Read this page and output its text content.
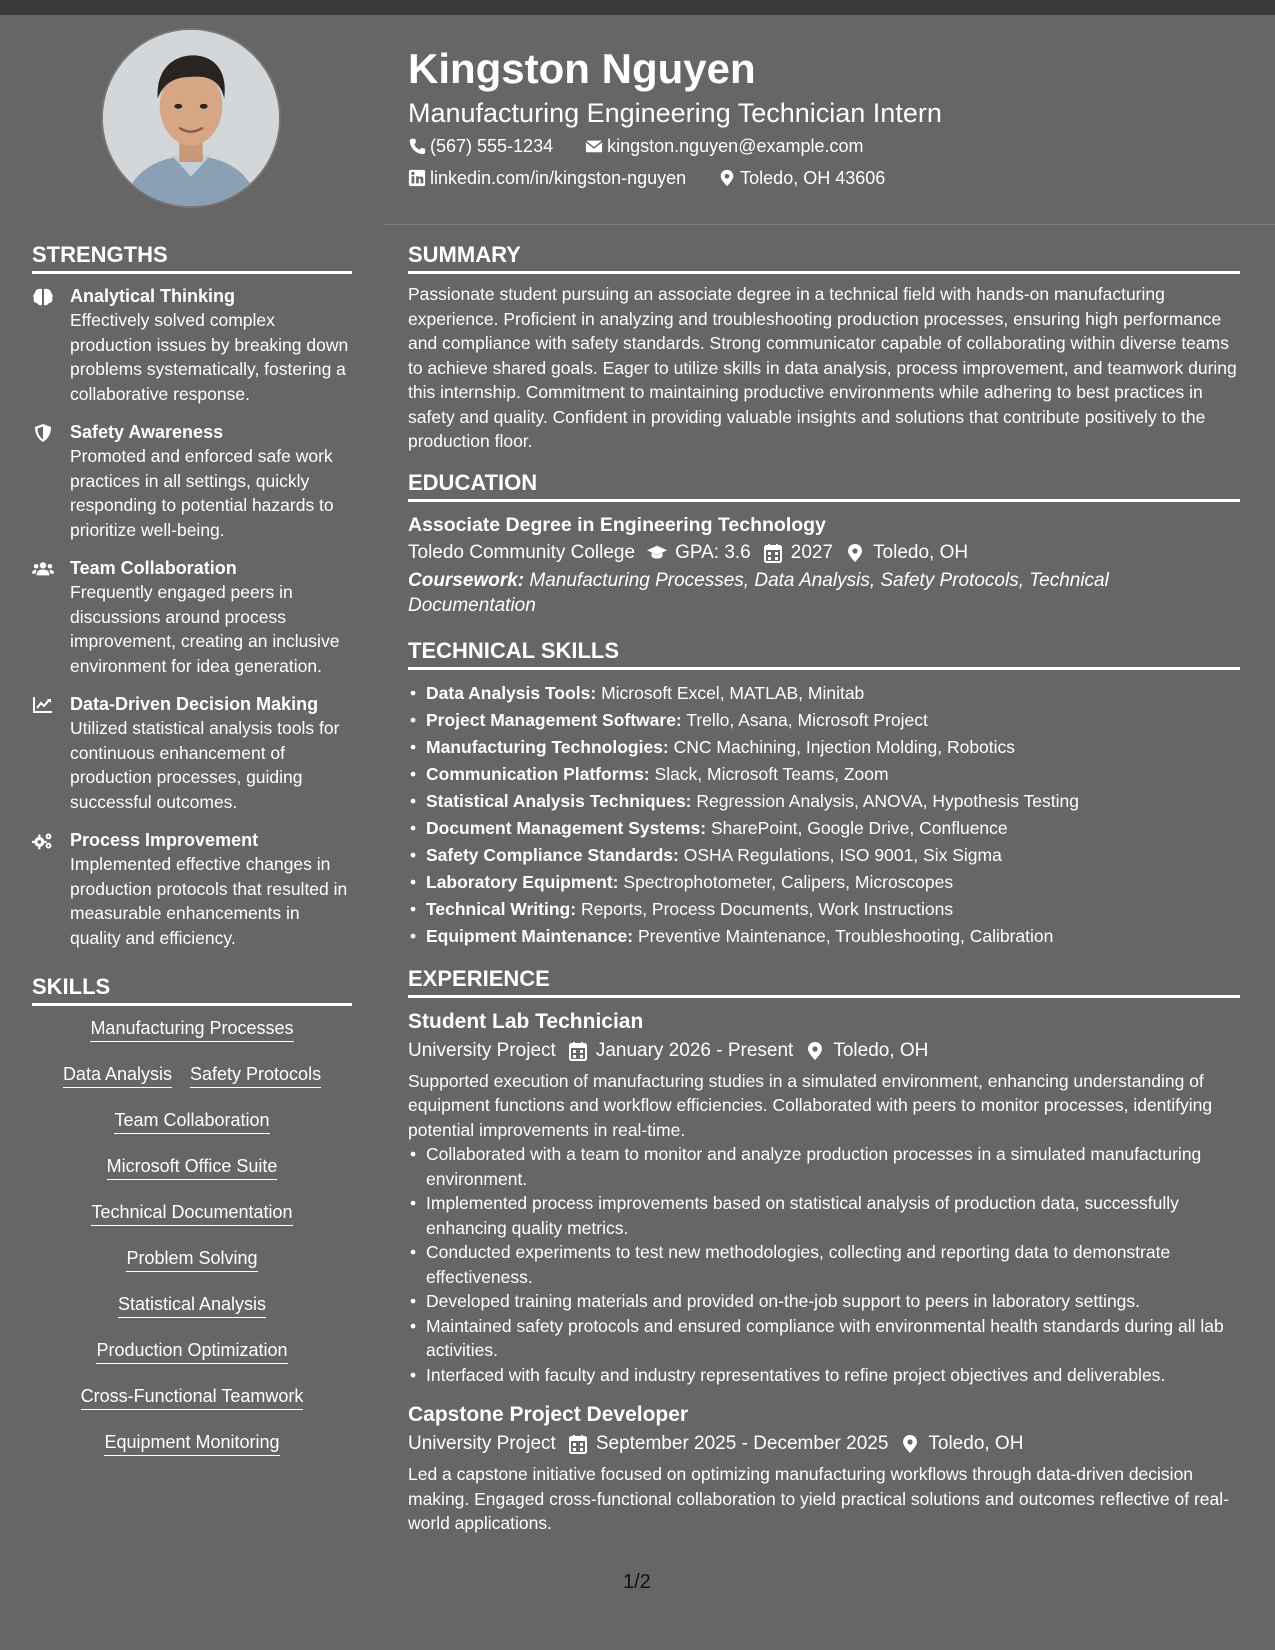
Kingston Nguyen
Manufacturing Engineering Technician Intern
(567) 555-1234	kingston.nguyen@example.com
linkedin.com/in/kingston-nguyen	Toledo, OH 43606
STRENGTHS
Analytical Thinking
Effectively solved complex production issues by breaking down problems systematically, fostering a collaborative response.
Safety Awareness
Promoted and enforced safe work practices in all settings, quickly responding to potential hazards to prioritize well-being.
Team Collaboration
Frequently engaged peers in discussions around process improvement, creating an inclusive environment for idea generation.
Data-Driven Decision Making
Utilized statistical analysis tools for continuous enhancement of production processes, guiding successful outcomes.
Process Improvement
Implemented effective changes in production protocols that resulted in measurable enhancements in quality and efficiency.
SKILLS
Manufacturing Processes
Data Analysis Safety Protocols
Team Collaboration
Microsoft Office Suite
Technical Documentation
Problem Solving
Statistical Analysis
Production Optimization
Cross-Functional Teamwork
Equipment Monitoring
SUMMARY
Passionate student pursuing an associate degree in a technical field with hands-on manufacturing experience. Proficient in analyzing and troubleshooting production processes, ensuring high performance and compliance with safety standards. Strong communicator capable of collaborating within diverse teams to achieve shared goals. Eager to utilize skills in data analysis, process improvement, and teamwork during this internship. Commitment to maintaining productive environments while adhering to best practices in safety and quality. Confident in providing valuable insights and solutions that contribute positively to the production floor.
EDUCATION
Associate Degree in Engineering Technology
Toledo Community College GPA: 3.6 2027 Toledo, OH
Coursework: Manufacturing Processes, Data Analysis, Safety Protocols, Technical Documentation
TECHNICAL SKILLS
• Data Analysis Tools: Microsoft Excel, MATLAB, Minitab
• Project Management Software: Trello, Asana, Microsoft Project
• Manufacturing Technologies: CNC Machining, Injection Molding, Robotics
• Communication Platforms: Slack, Microsoft Teams, Zoom
• Statistical Analysis Techniques: Regression Analysis, ANOVA, Hypothesis Testing
• Document Management Systems: SharePoint, Google Drive, Confluence
• Safety Compliance Standards: OSHA Regulations, ISO 9001, Six Sigma
• Laboratory Equipment: Spectrophotometer, Calipers, Microscopes
• Technical Writing: Reports, Process Documents, Work Instructions
• Equipment Maintenance: Preventive Maintenance, Troubleshooting, Calibration
EXPERIENCE
Student Lab Technician
University Project January 2026 - Present Toledo, OH
Supported execution of manufacturing studies in a simulated environment, enhancing understanding of equipment functions and workflow efficiencies. Collaborated with peers to monitor processes, identifying potential improvements in real-time.
• Collaborated with a team to monitor and analyze production processes in a simulated manufacturing environment.
• Implemented process improvements based on statistical analysis of production data, successfully enhancing quality metrics.
• Conducted experiments to test new methodologies, collecting and reporting data to demonstrate effectiveness.
• Developed training materials and provided on-the-job support to peers in laboratory settings.
• Maintained safety protocols and ensured compliance with environmental health standards during all lab activities.
• Interfaced with faculty and industry representatives to refine project objectives and deliverables.
Capstone Project Developer
University Project September 2025 - December 2025 Toledo, OH
Led a capstone initiative focused on optimizing manufacturing workflows through data-driven decision making. Engaged cross-functional collaboration to yield practical solutions and outcomes reflective of real-world applications.
1/2
